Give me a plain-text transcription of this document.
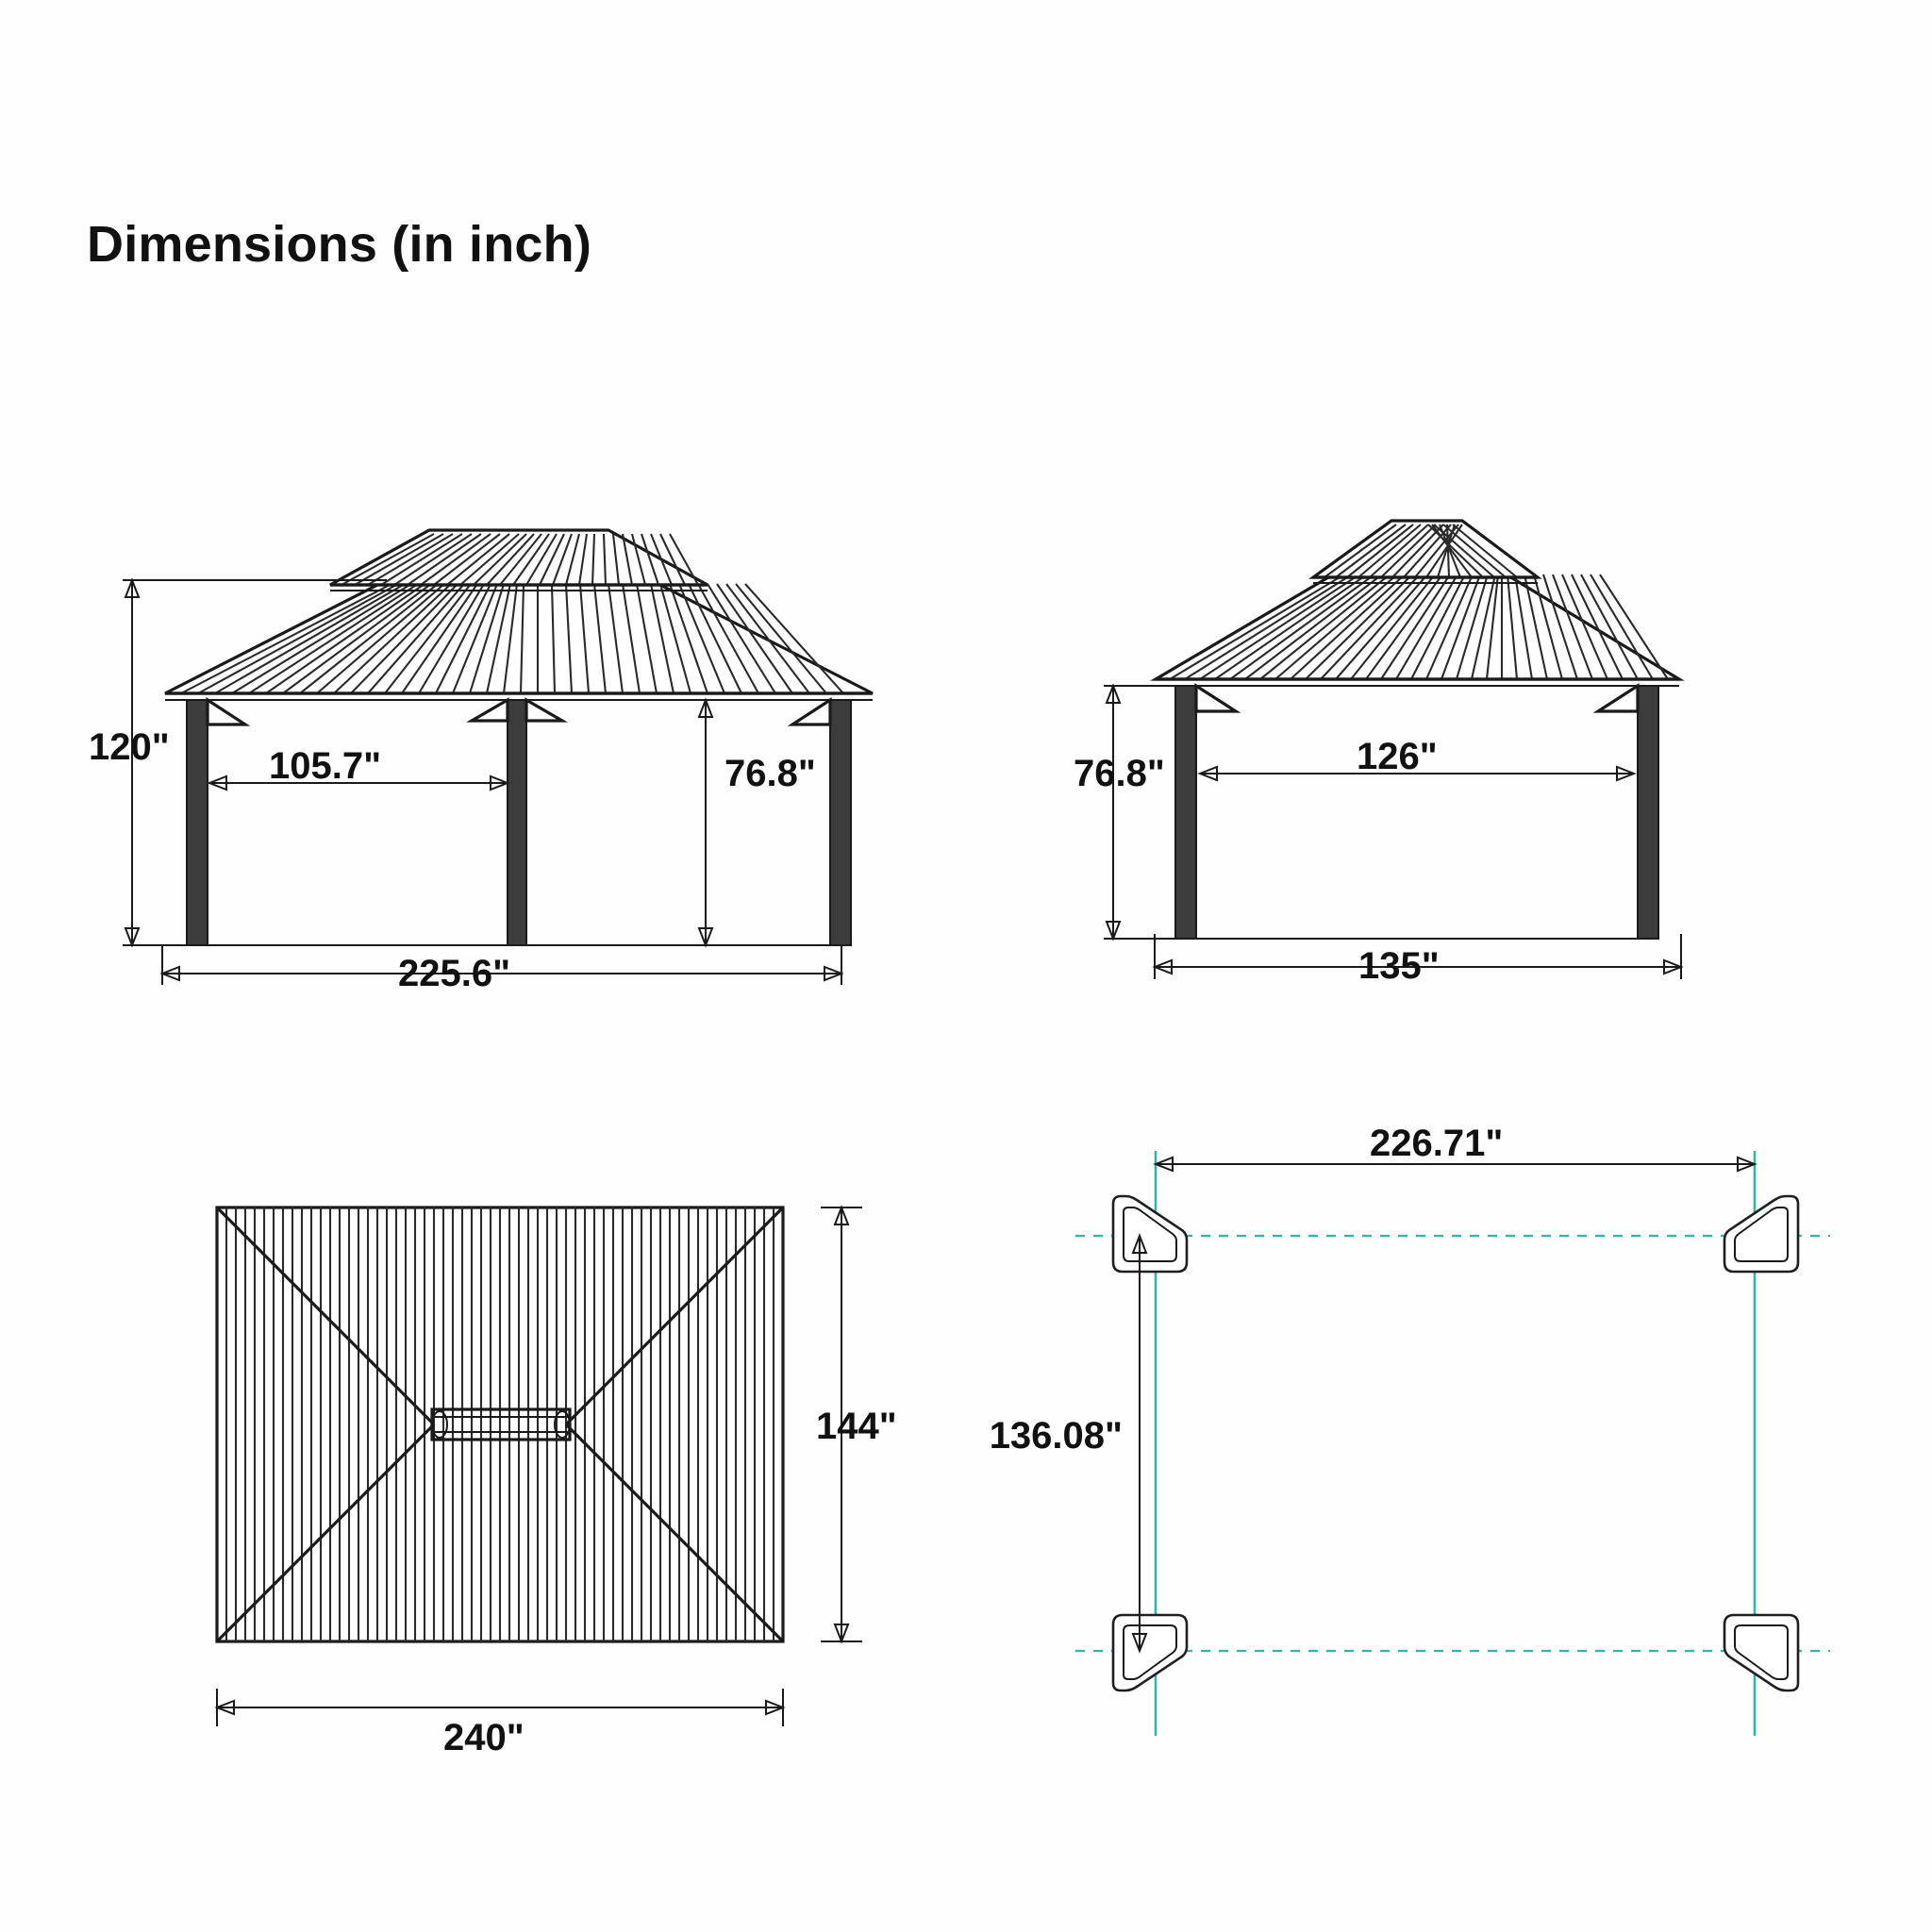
Dimensions (in inch)
120"	105.7"	76.8"
225.6"
76.8"	126"
135"
144"
240"
226.71"
136.08"
